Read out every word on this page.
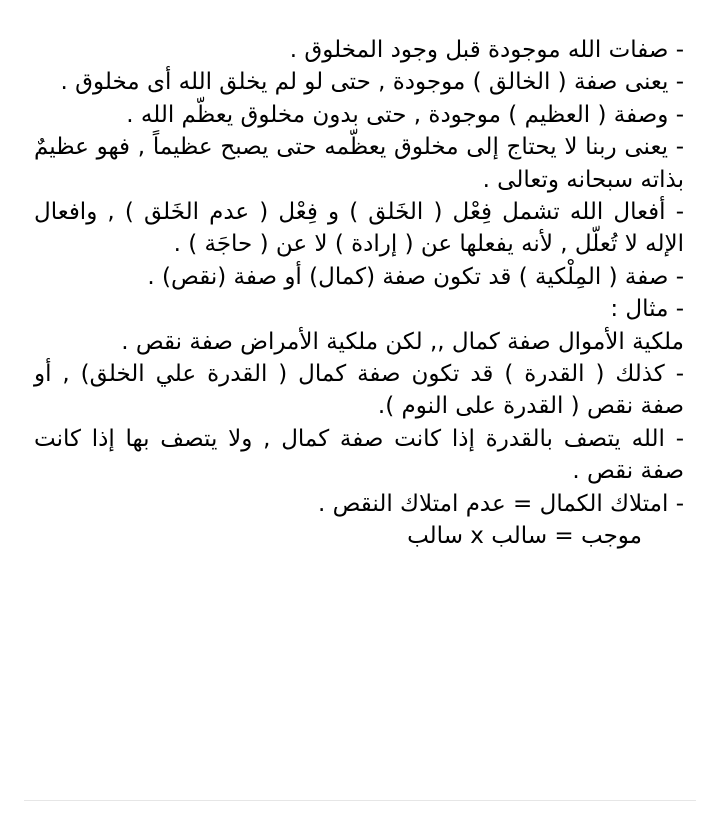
- صفات الله موجودة قبل وجود المخلوق .

- يعنى صفة ( الخالق ) موجودة , حتى لو لم يخلق الله أى مخلوق .

- وصفة ( العظيم ) موجودة , حتى بدون مخلوق يعظّم الله .

- يعنى ربنا لا يحتاج إلى مخلوق يعظّمه حتى يصبح عظيماً , فهو عظيمٌ بذاته سبحانه وتعالى .

- أفعال الله تشمل فِعْل ( الخَلق ) و فِعْل ( عدم الخَلق ) , وافعال الإله لا تُعلّل , لأنه يفعلها عن ( إرادة ) لا عن ( حاجَة ) .

- صفة ( المِلْكية ) قد تكون صفة (كمال) أو صفة (نقص) .

- مثال :

ملكية الأموال صفة كمال ,, لكن ملكية الأمراض صفة نقص .

- كذلك ( القدرة ) قد تكون صفة كمال ( القدرة علي الخلق) , أو صفة نقص ( القدرة على النوم ).

- الله يتصف بالقدرة إذا كانت صفة كمال , ولا يتصف بها إذا كانت صفة نقص .

- امتلاك الكمال = عدم امتلاك النقص .

موجب = سالب x سالب
